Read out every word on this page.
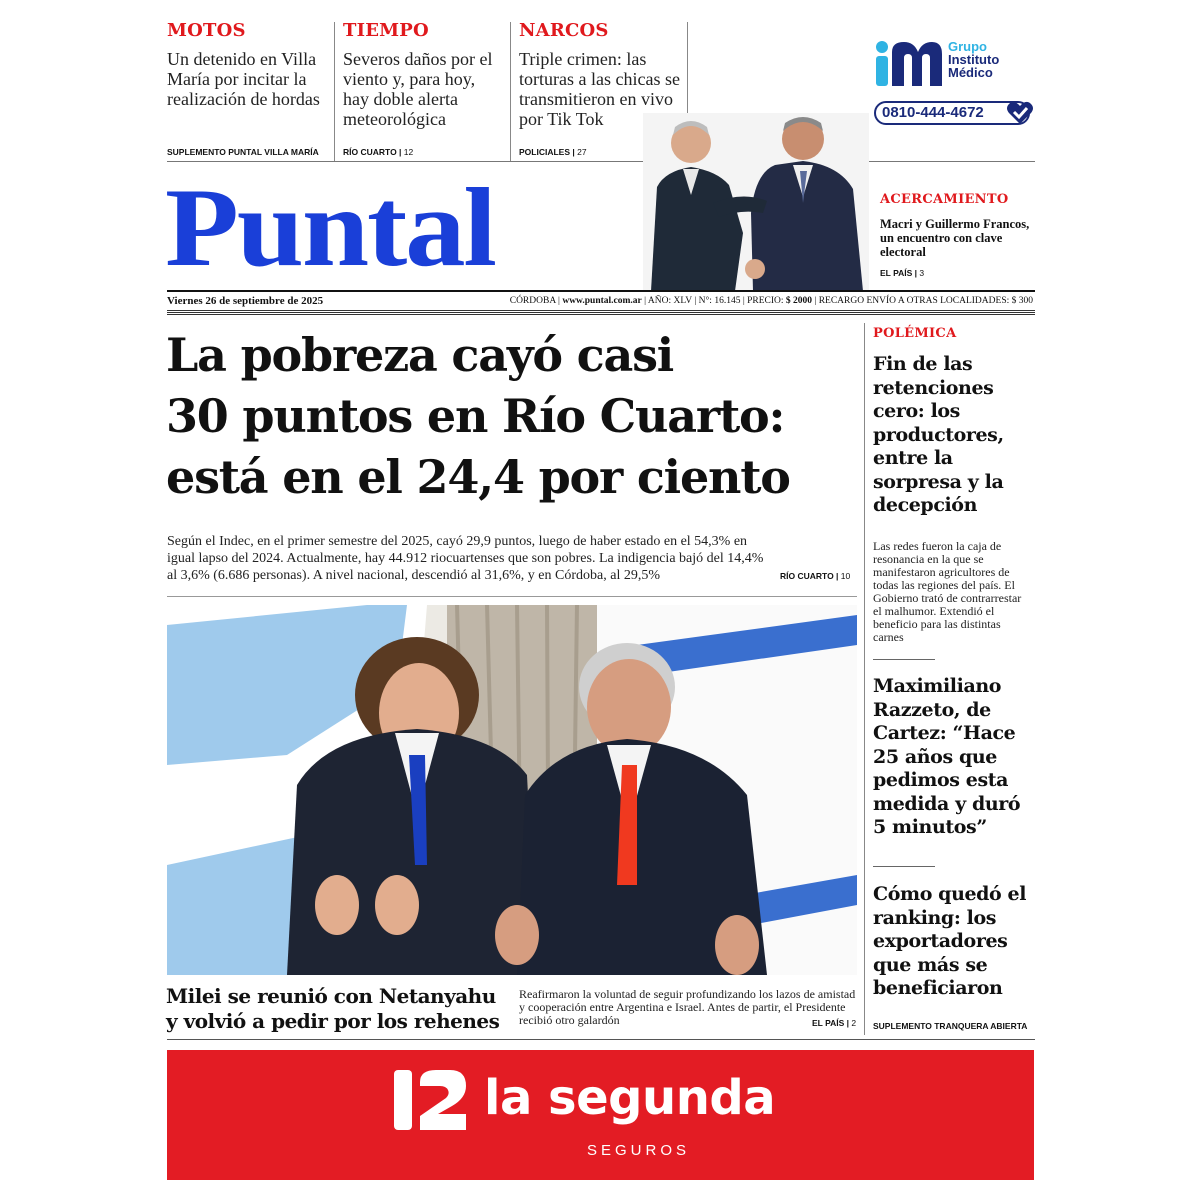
MOTOS
Un detenido en Villa María por incitar la realización de hordas
SUPLEMENTO PUNTAL VILLA MARÍA
TIEMPO
Severos daños por el viento y, para hoy, hay doble alerta meteorológica
RÍO CUARTO | 12
NARCOS
Triple crimen: las torturas a las chicas se transmitieron en vivo por Tik Tok
POLICIALES | 27
Grupo
Instituto
Médico
0810-444-4672
Puntal	ACERCAMIENTO
Macri y Guillermo Francos, un encuentro con clave electoral
EL PAÍS | 3
Viernes 26 de septiembre de 2025	CÓRDOBA | www.puntal.com.ar | AÑO: XLV | N°: 16.145 | PRECIO: $ 2000 | RECARGO ENVÍO A OTRAS LOCALIDADES: $ 300
La pobreza cayó casi
30 puntos en Río Cuarto:
está en el 24,4 por ciento
Según el Indec, en el primer semestre del 2025, cayó 29,9 puntos, luego de haber estado en el 54,3% en igual lapso del 2024. Actualmente, hay 44.912 riocuartenses que son pobres. La indigencia bajó del 14,4% al 3,6% (6.686 personas). A nivel nacional, descendió al 31,6%, y en Córdoba, al 29,5%	RÍO CUARTO | 10
Milei se reunió con Netanyahu y volvió a pedir por los rehenes
Reafirmaron la voluntad de seguir profundizando los lazos de amistad y cooperación entre Argentina e Israel. Antes de partir, el Presidente recibió otro galardón	EL PAÍS | 2
POLÉMICA
Fin de las retenciones cero: los productores, entre la sorpresa y la decepción
Las redes fueron la caja de resonancia en la que se manifestaron agricultores de todas las regiones del país. El Gobierno trató de contrarrestar el malhumor. Extendió el beneficio para las distintas carnes
Maximiliano Razzeto, de Cartez: “Hace 25 años que pedimos esta medida y duró 5 minutos”
Cómo quedó el ranking: los exportadores que más se beneficiaron
SUPLEMENTO TRANQUERA ABIERTA
la segunda
SEGUROS
